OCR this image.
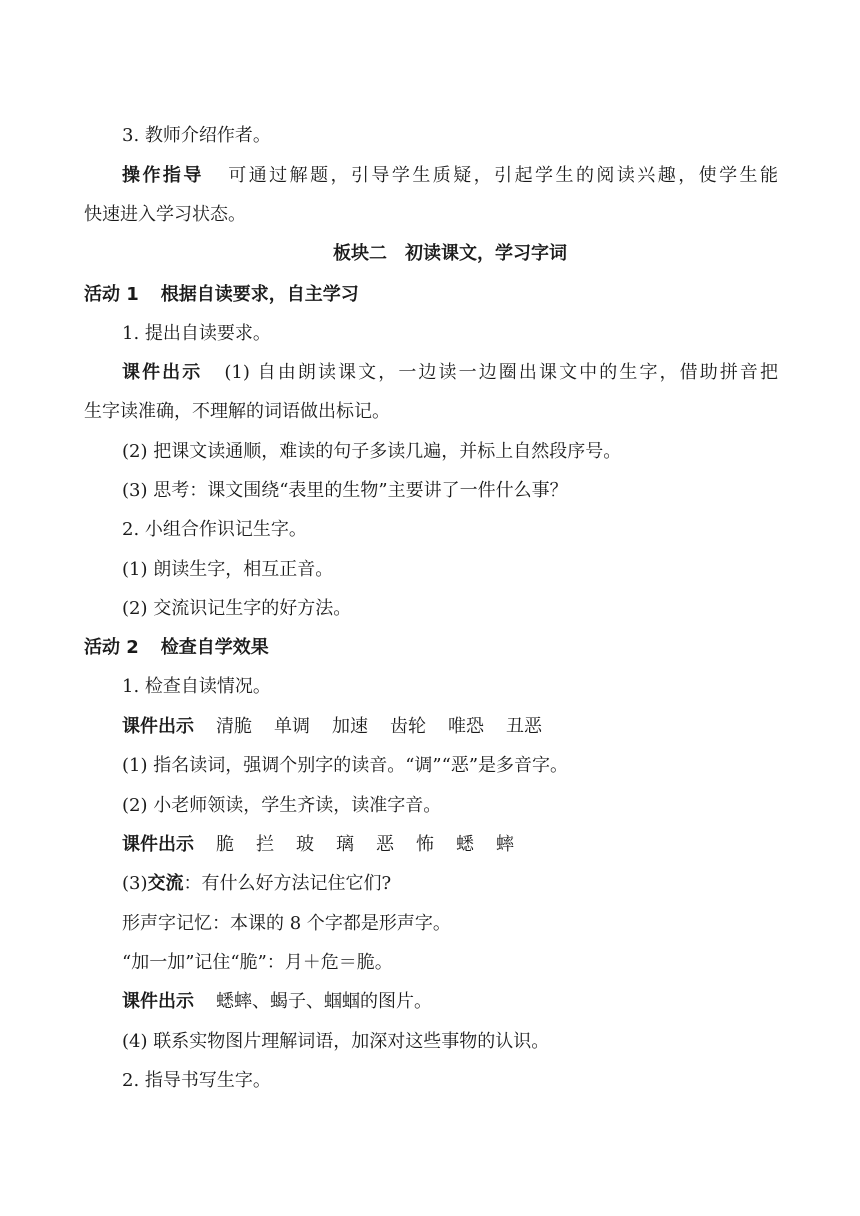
3. 教师介绍作者。
操作指导 可通过解题，引导学生质疑，引起学生的阅读兴趣，使学生能
快速进入学习状态。
板块二　初读课文，学习字词
活动 1 根据自读要求，自主学习
1. 提出自读要求。
课件出示 (1) 自由朗读课文，一边读一边圈出课文中的生字，借助拼音把
生字读准确，不理解的词语做出标记。
(2) 把课文读通顺，难读的句子多读几遍，并标上自然段序号。
(3) 思考：课文围绕“表里的生物”主要讲了一件什么事？
2. 小组合作识记生字。
(1) 朗读生字，相互正音。
(2) 交流识记生字的好方法。
活动 2 检查自学效果
1. 检查自读情况。
课件出示 清脆 单调 加速 齿轮 唯恐 丑恶
(1) 指名读词，强调个别字的读音。“调”“恶”是多音字。
(2) 小老师领读，学生齐读，读准字音。
课件出示 脆 拦 玻 璃 恶 怖 蟋 蟀
(3)交流：有什么好方法记住它们?
形声字记忆：本课的 8 个字都是形声字。
“加一加”记住“脆”：月＋危＝脆。
课件出示 蟋蟀、蝎子、蝈蝈的图片。
(4) 联系实物图片理解词语，加深对这些事物的认识。
2. 指导书写生字。
